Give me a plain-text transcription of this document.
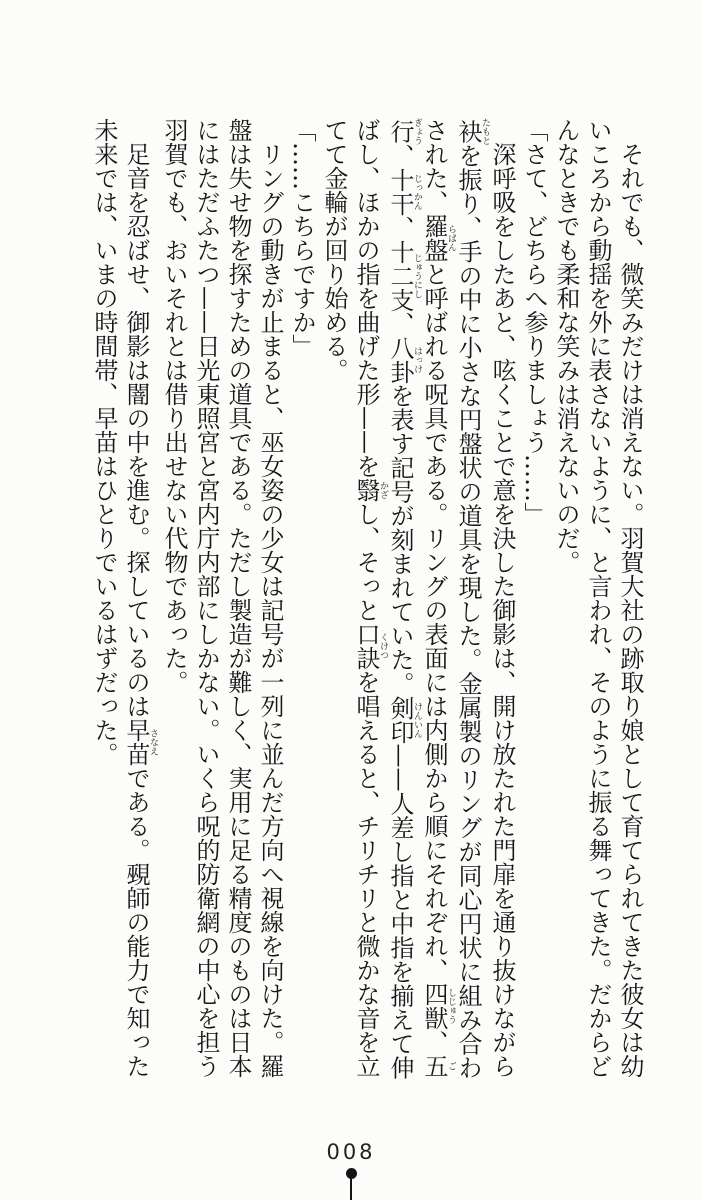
それでも、微笑みだけは消えない。羽賀大社の跡取り娘として育てられてきた彼女は幼いころから動揺を外に表さないように、と言われ、そのように振る舞ってきた。だからどんなときでも柔和な笑みは消えないのだ。

「さて、どちらへ参りましょう……」

深呼吸をしたあと、呟くことで意を決した御影は、開け放たれた門扉を通り抜けながら袂たもとを振り、手の中に小さな円盤状の道具を現した。金属製のリングが同心円状に組み合わされた、羅盤らばんと呼ばれる呪具である。リングの表面には内側から順にそれぞれ、四獣しじゅう、五ご行ぎょう、十干じっかん、十二支じゅうにし、八卦はっけを表す記号が刻まれていた。剣印けんいん——人差し指と中指を揃えて伸ばし、ほかの指を曲げた形——を翳かざし、そっと口訣くけつを唱えると、チリチリと微かな音を立てて金輪が回り始める。

「……こちらですか」

リングの動きが止まると、巫女姿の少女は記号が一列に並んだ方向へ視線を向けた。羅盤は失せ物を探すための道具である。ただし製造が難しく、実用に足る精度のものは日本にはただふたつ——日光東照宮と宮内庁内部にしかない。いくら呪的防衛網の中心を担う羽賀でも、おいそれとは借り出せない代物であった。

足音を忍ばせ、御影は闇の中を進む。探しているのは早苗さなえである。覡師の能力で知った未来では、いまの時間帯、早苗はひとりでいるはずだった。

008
